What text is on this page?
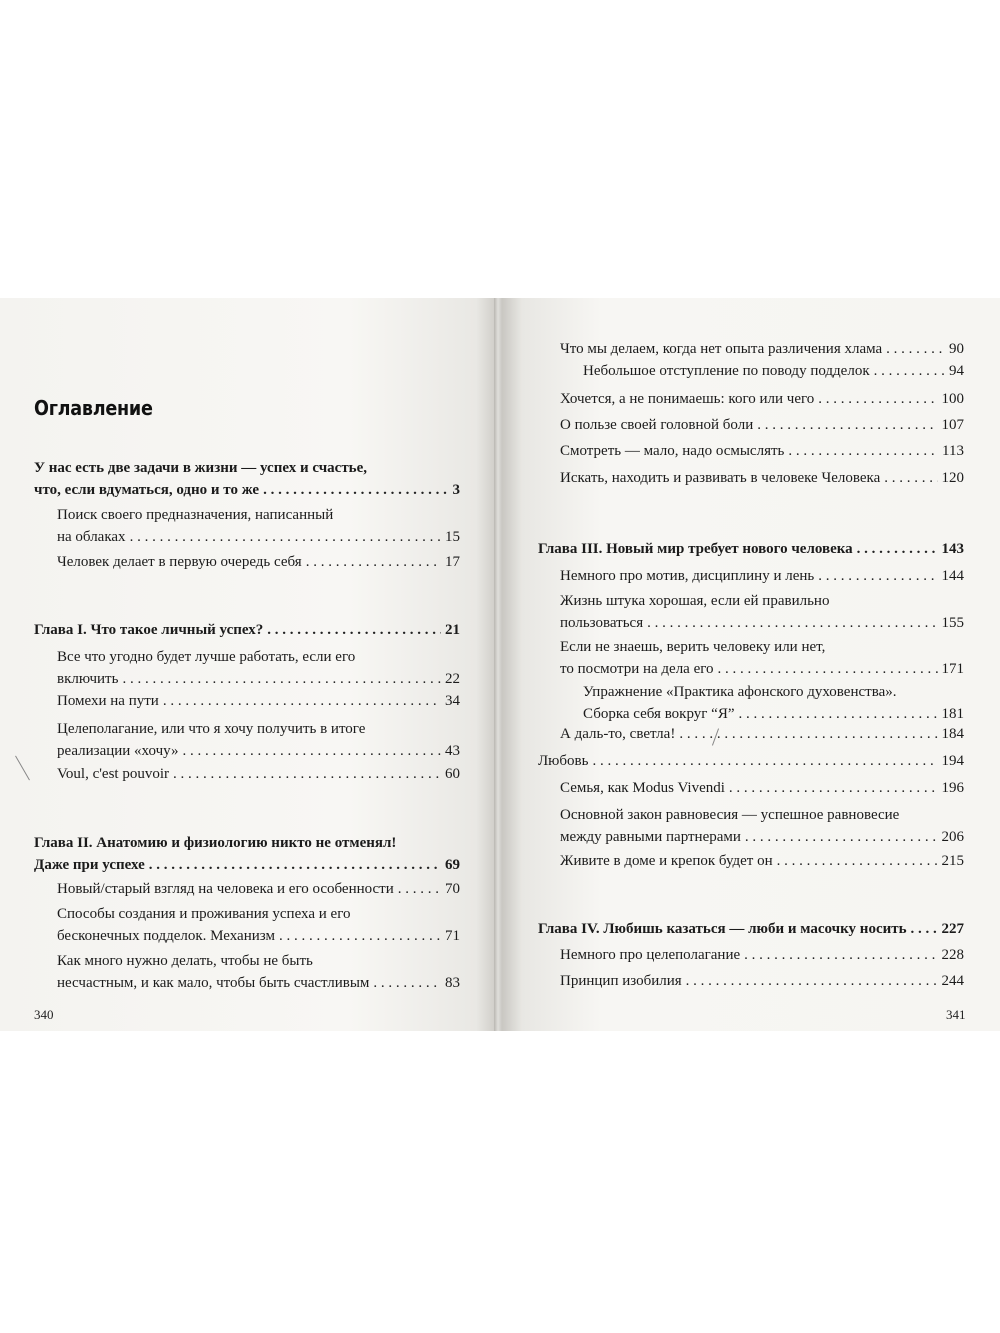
Оглавление
У нас есть две задачи в жизни — успех и счастье,
что, если вдуматься, одно и то же . . .	3
Поиск своего предназначения, написанный
на облаках . . .	15
Человек делает в первую очередь себя . . .	17
Глава I. Что такое личный успех? . . .	21
Все что угодно будет лучше работать, если его
включить . . .	22
Помехи на пути . . .	34
Целеполагание, или что я хочу получить в итоге
реализации «хочу» . . .	43
Voul, c'est pouvoir . . .	60
Глава II. Анатомию и физиологию никто не отменял!
Даже при успехе . . .	69
Новый/старый взгляд на человека и его особенности . . .	70
Способы создания и проживания успеха и его
бесконечных подделок. Механизм . . .	71
Как много нужно делать, чтобы не быть
несчастным, и как мало, чтобы быть счастливым . . .	83
340
Что мы делаем, когда нет опыта различения хлама . . .	90
Небольшое отступление по поводу подделок . . .	94
Хочется, а не понимаешь: кого или чего . . .	100
О пользе своей головной боли . . .	107
Смотреть — мало, надо осмыслять . . .	113
Искать, находить и развивать в человеке Человека . . .	120
Глава III. Новый мир требует нового человека . . .	143
Немного про мотив, дисциплину и лень . . .	144
Жизнь штука хорошая, если ей правильно
пользоваться . . .	155
Если не знаешь, верить человеку или нет,
то посмотри на дела его . . .	171
Упражнение «Практика афонского духовенства».
Сборка себя вокруг “Я” . . .	181
А даль-то, светла! . . .	184
Любовь . . .	194
Семья, как Modus Vivendi . . .	196
Основной закон равновесия — успешное равновесие
между равными партнерами . . .	206
Живите в доме и крепок будет он . . .	215
Глава IV. Любишь казаться — люби и масочку носить . . . 227
Немного про целеполагание . . .	228
Принцип изобилия . . .	244
341
